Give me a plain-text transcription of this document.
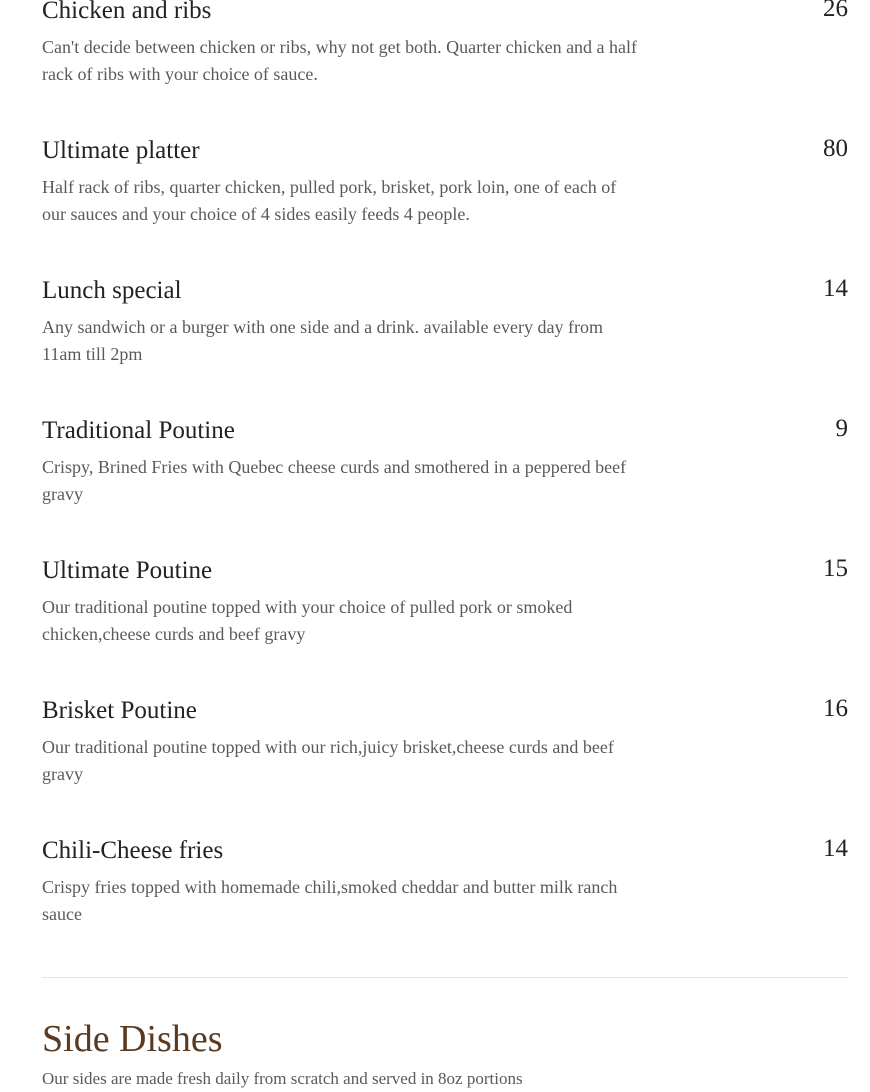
Chicken and ribs	26
Can't decide between chicken or ribs, why not get both. Quarter chicken and a half rack of ribs with your choice of sauce.
Ultimate platter	80
Half rack of ribs, quarter chicken, pulled pork, brisket, pork loin, one of each of our sauces and your choice of 4 sides easily feeds 4 people.
Lunch special	14
Any sandwich or a burger with one side and a drink. available every day from 11am till 2pm
Traditional Poutine	9
Crispy, Brined Fries with Quebec cheese curds and smothered in a peppered beef gravy
Ultimate Poutine	15
Our traditional poutine topped with your choice of pulled pork or smoked chicken,cheese curds and beef gravy
Brisket Poutine	16
Our traditional poutine topped with our rich,juicy brisket,cheese curds and beef gravy
Chili-Cheese fries	14
Crispy fries topped with homemade chili,smoked cheddar and butter milk ranch sauce
Side Dishes
Our sides are made fresh daily from scratch and served in 8oz portions
